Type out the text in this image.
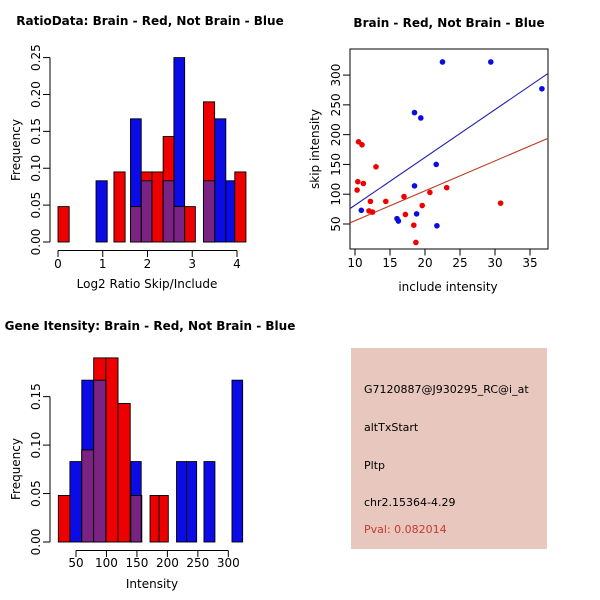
0	1	2	3	4
0.00
0.05
0.10
0.15
0.20
0.25
50 100 150 200 250 300
0.00
0.05
0.10
0.15
10 15 20 25 30 35
50
100
150
200
250
300
RatioData: Brain - Red, Not Brain - Blue
Log2 Ratio Skip/Include
Frequency
Brain - Red, Not Brain - Blue
include intensity
skip intensity
Gene Itensity: Brain - Red, Not Brain - Blue
Intensity
Frequency
G7120887@J930295_RC@i_at
altTxStart
Pltp
chr2.15364-4.29
Pval: 0.082014
